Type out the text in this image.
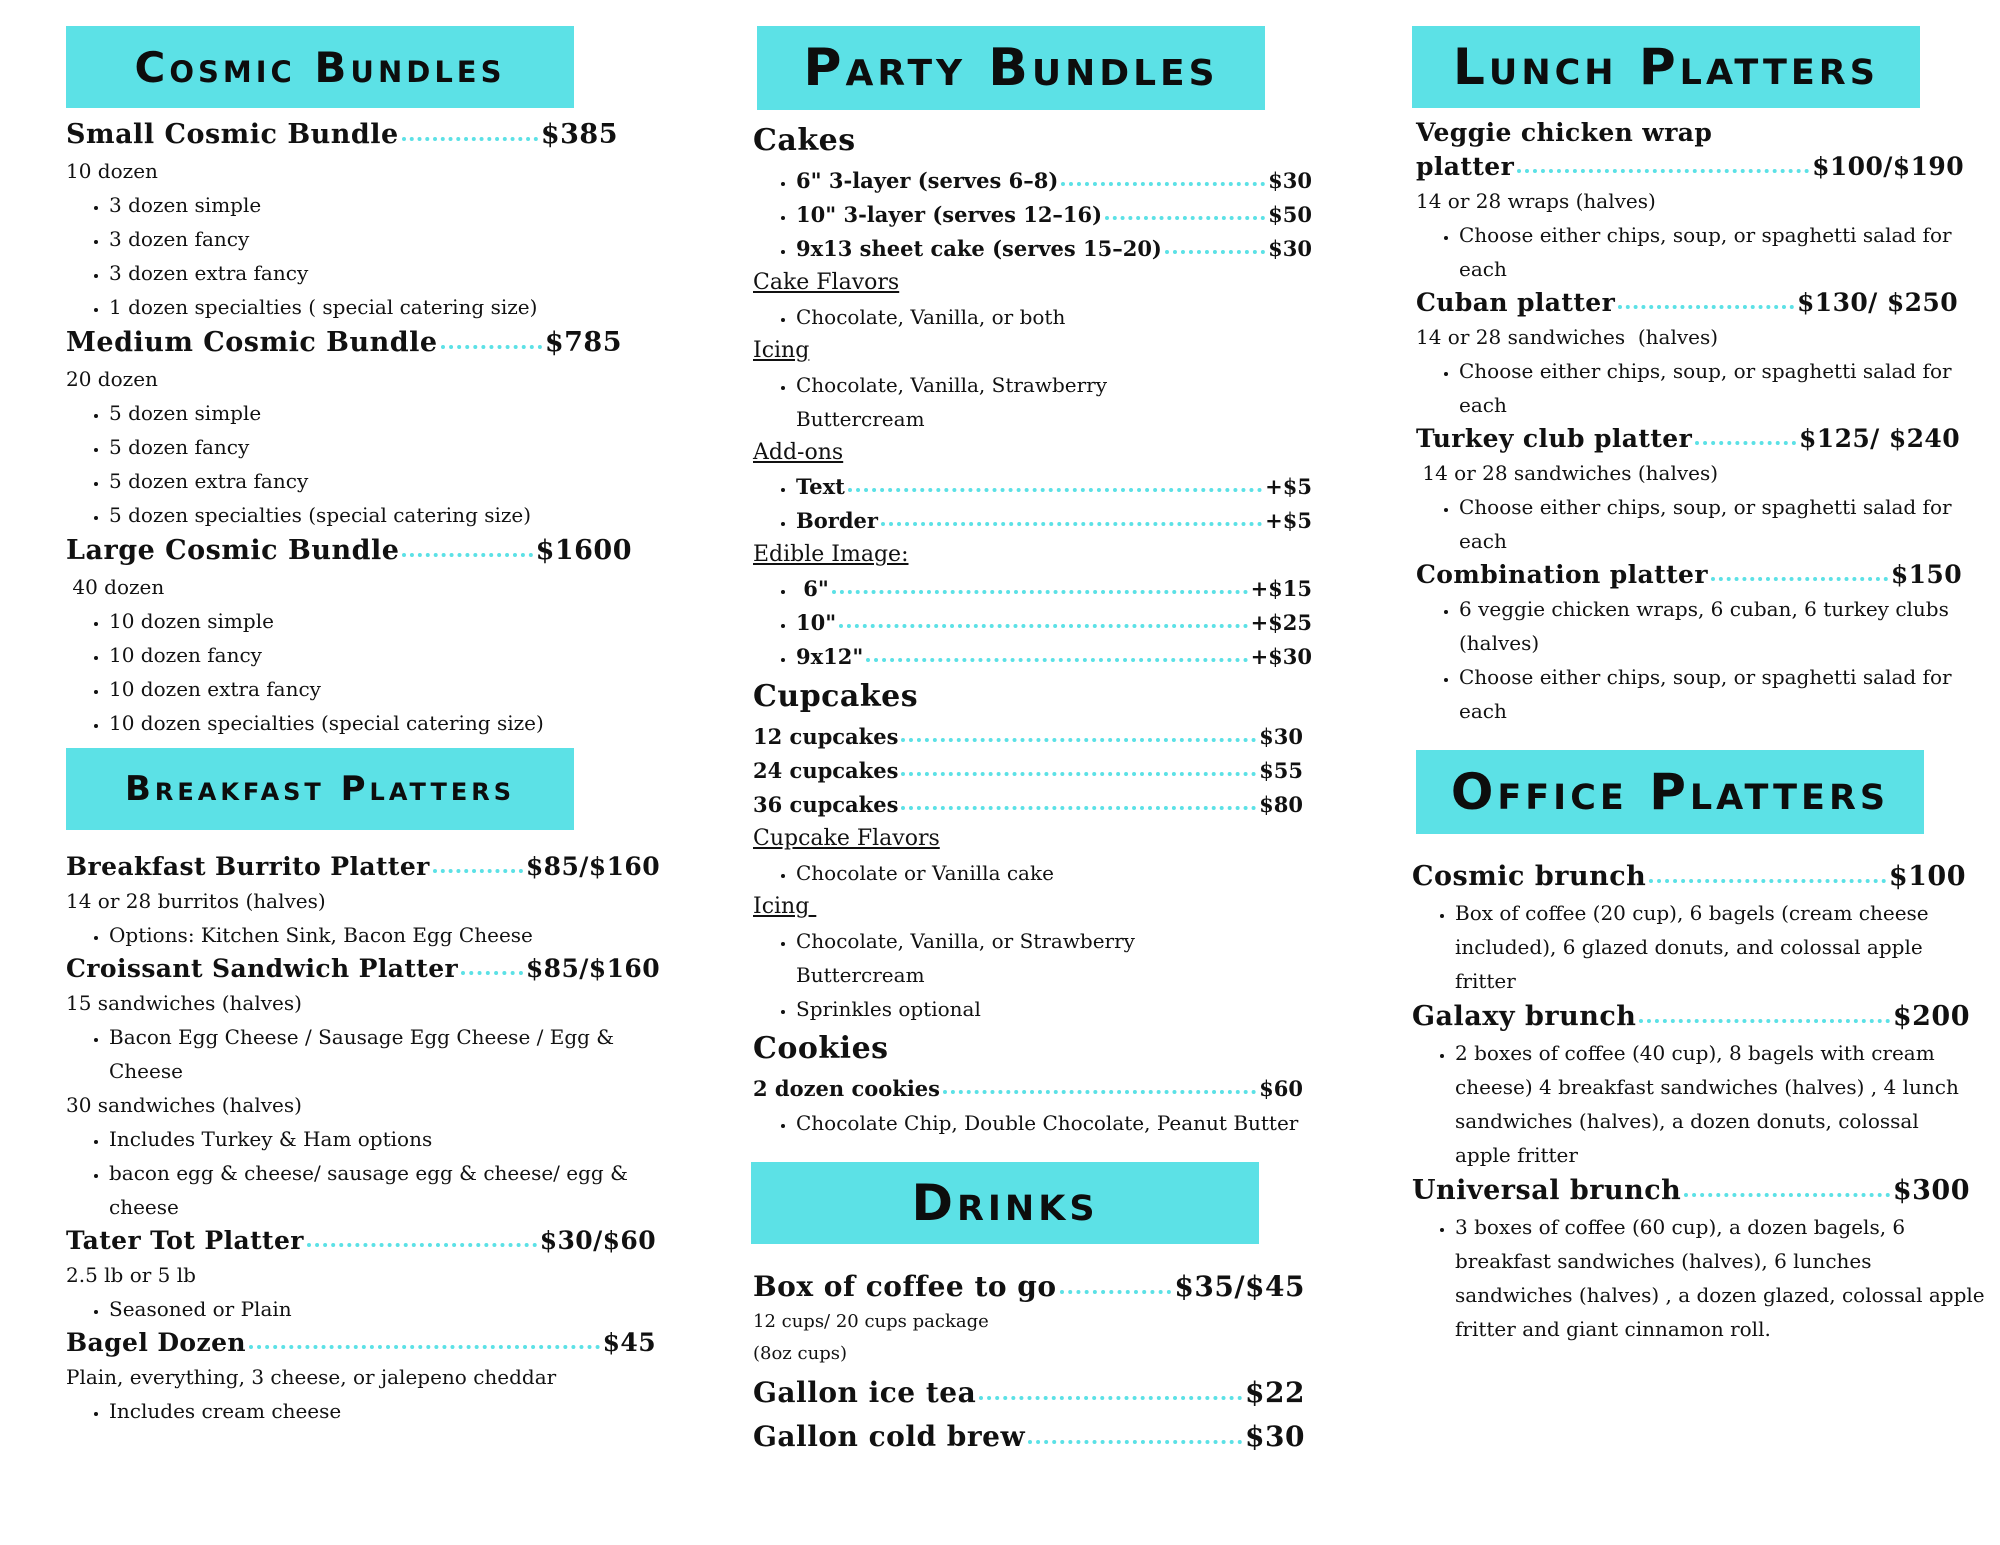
Cosmic Bundles
Small Cosmic Bundle	$385
10 dozen
• 3 dozen simple
• 3 dozen fancy
• 3 dozen extra fancy
• 1 dozen specialties ( special catering size)
Medium Cosmic Bundle	$785
20 dozen
• 5 dozen simple
• 5 dozen fancy
• 5 dozen extra fancy
• 5 dozen specialties (special catering size)
Large Cosmic Bundle	$1600
40 dozen
• 10 dozen simple
• 10 dozen fancy
• 10 dozen extra fancy
• 10 dozen specialties (special catering size)
Breakfast Platters
Breakfast Burrito Platter	$85/$160
14 or 28 burritos (halves)
• Options: Kitchen Sink, Bacon Egg Cheese
Croissant Sandwich Platter	$85/$160
15 sandwiches (halves)
• Bacon Egg Cheese / Sausage Egg Cheese / Egg & Cheese
30 sandwiches (halves)
• Includes Turkey & Ham options
• bacon egg & cheese/ sausage egg & cheese/ egg & cheese
Tater Tot Platter	$30/$60
2.5 lb or 5 lb
• Seasoned or Plain
Bagel Dozen	$45
Plain, everything, 3 cheese, or jalepeno cheddar
• Includes cream cheese
Party Bundles
Cakes
• 6" 3-layer (serves 6–8)	$30
• 10" 3-layer (serves 12–16)	$50
• 9x13 sheet cake (serves 15–20)	$30
Cake Flavors
• Chocolate, Vanilla, or both
Icing
• Chocolate, Vanilla, Strawberry Buttercream
Add-ons
• Text	+$5
• Border	+$5
Edible Image:
•  6"	+$15
• 10"	+$25
• 9x12"	+$30
Cupcakes
12 cupcakes	$30
24 cupcakes	$55
36 cupcakes	$80
Cupcake Flavors
• Chocolate or Vanilla cake
Icing
• Chocolate, Vanilla, or Strawberry Buttercream
• Sprinkles optional
Cookies
2 dozen cookies	$60
• Chocolate Chip, Double Chocolate, Peanut Butter
Drinks
Box of coffee to go	$35/$45
12 cups/ 20 cups package
(8oz cups)
Gallon ice tea	$22
Gallon cold brew	$30
Lunch Platters
Veggie chicken wrap
platter	$100/$190
14 or 28 wraps (halves)
• Choose either chips, soup, or spaghetti salad for each
Cuban platter	$130/ $250
14 or 28 sandwiches  (halves)
• Choose either chips, soup, or spaghetti salad for each
Turkey club platter	$125/ $240
14 or 28 sandwiches (halves)
• Choose either chips, soup, or spaghetti salad for each
Combination platter	$150
• 6 veggie chicken wraps, 6 cuban, 6 turkey clubs (halves)
• Choose either chips, soup, or spaghetti salad for each
Office Platters
Cosmic brunch	$100
• Box of coffee (20 cup), 6 bagels (cream cheese included), 6 glazed donuts, and colossal apple fritter
Galaxy brunch	$200
• 2 boxes of coffee (40 cup), 8 bagels with cream cheese) 4 breakfast sandwiches (halves) , 4 lunch sandwiches (halves), a dozen donuts, colossal apple fritter
Universal brunch	$300
• 3 boxes of coffee (60 cup), a dozen bagels, 6 breakfast sandwiches (halves), 6 lunches sandwiches (halves) , a dozen glazed, colossal apple fritter and giant cinnamon roll.
